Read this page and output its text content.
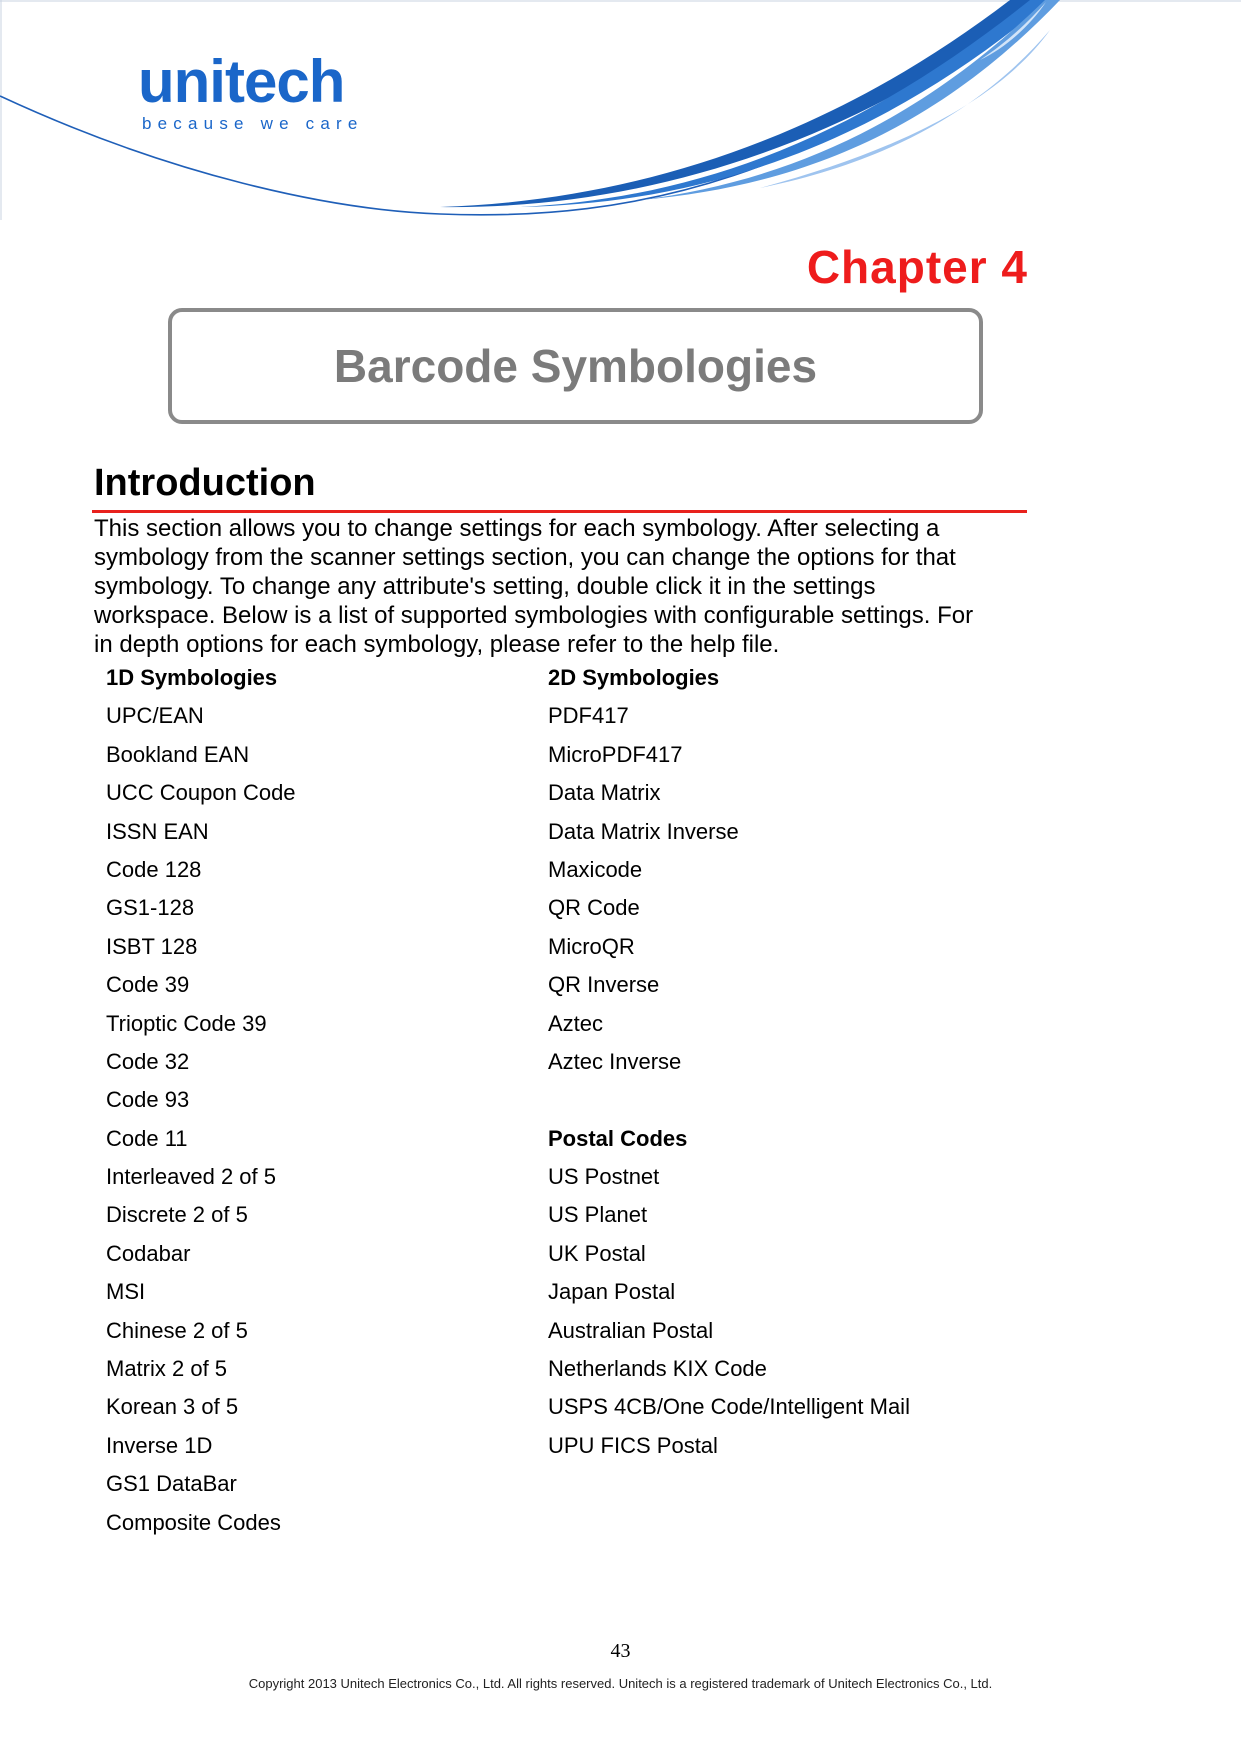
unitech
because we care
Chapter 4
Barcode Symbologies
Introduction
This section allows you to change settings for each symbology. After selecting a
symbology from the scanner settings section, you can change the options for that
symbology. To change any attribute's setting, double click it in the settings
workspace. Below is a list of supported symbologies with configurable settings. For
in depth options for each symbology, please refer to the help file.
1D Symbologies
UPC/EAN
Bookland EAN
UCC Coupon Code
ISSN EAN
Code 128
GS1-128
ISBT 128
Code 39
Trioptic Code 39
Code 32
Code 93
Code 11
Interleaved 2 of 5
Discrete 2 of 5
Codabar
MSI
Chinese 2 of 5
Matrix 2 of 5
Korean 3 of 5
Inverse 1D
GS1 DataBar
Composite Codes
2D Symbologies
PDF417
MicroPDF417
Data Matrix
Data Matrix Inverse
Maxicode
QR Code
MicroQR
QR Inverse
Aztec
Aztec Inverse
Postal Codes
US Postnet
US Planet
UK Postal
Japan Postal
Australian Postal
Netherlands KIX Code
USPS 4CB/One Code/Intelligent Mail
UPU FICS Postal
43
Copyright 2013 Unitech Electronics Co., Ltd. All rights reserved. Unitech is a registered trademark of Unitech Electronics Co., Ltd.
